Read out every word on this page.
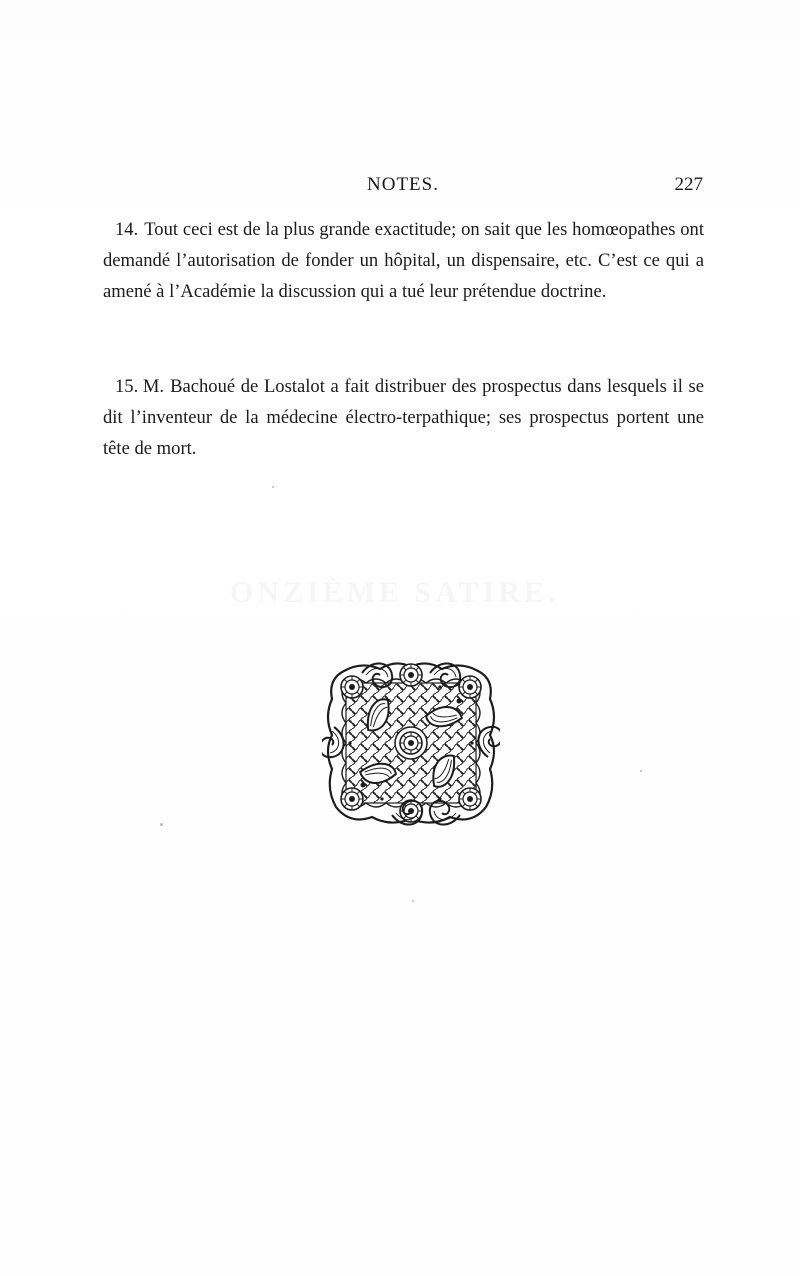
NOTES.	227

14. Tout ceci est de la plus grande exactitude; on sait que les homœopathes ont demandé l’autorisation de fonder un hôpital, un dispensaire, etc. C’est ce qui a amené à l’Académie la discussion qui a tué leur prétendue doctrine.

15. M. Bachoué de Lostalot a fait distribuer des prospectus dans lesquels il se dit l’inventeur de la médecine électro-terpathique; ses prospectus portent une tête de mort.
